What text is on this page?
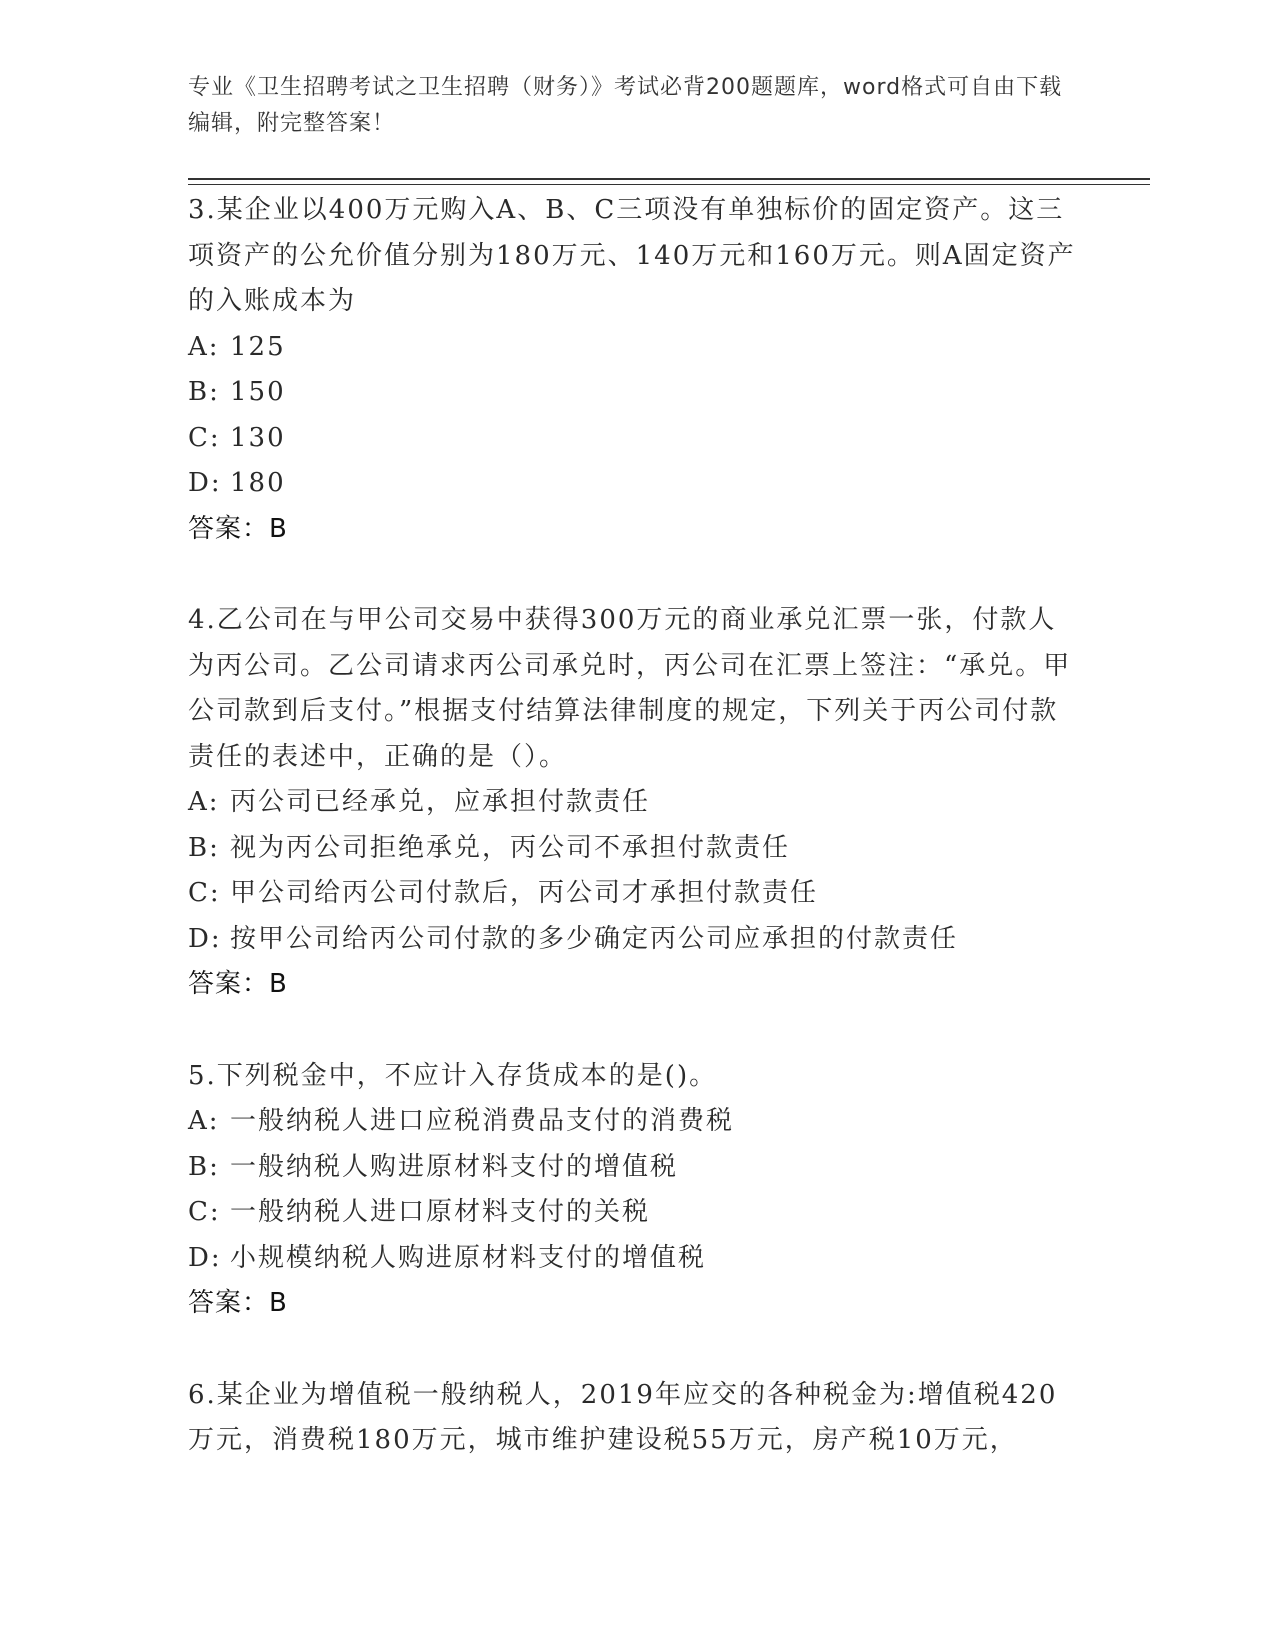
专业《卫生招聘考试之卫生招聘（财务）》考试必背200题题库，word格式可自由下载编辑，附完整答案！
3.某企业以400万元购入A、B、C三项没有单独标价的固定资产。这三项资产的公允价值分别为180万元、140万元和160万元。则A固定资产的入账成本为
A: 125
B: 150
C: 130
D: 180
答案：B
4.乙公司在与甲公司交易中获得300万元的商业承兑汇票一张，付款人为丙公司。乙公司请求丙公司承兑时，丙公司在汇票上签注：“承兑。甲公司款到后支付。”根据支付结算法律制度的规定，下列关于丙公司付款责任的表述中，正确的是（）。
A: 丙公司已经承兑，应承担付款责任
B: 视为丙公司拒绝承兑，丙公司不承担付款责任
C: 甲公司给丙公司付款后，丙公司才承担付款责任
D: 按甲公司给丙公司付款的多少确定丙公司应承担的付款责任
答案：B
5.下列税金中，不应计入存货成本的是()。
A: 一般纳税人进口应税消费品支付的消费税
B: 一般纳税人购进原材料支付的增值税
C: 一般纳税人进口原材料支付的关税
D: 小规模纳税人购进原材料支付的增值税
答案：B
6.某企业为增值税一般纳税人，2019年应交的各种税金为:增值税420万元，消费税180万元，城市维护建设税55万元，房产税10万元，
